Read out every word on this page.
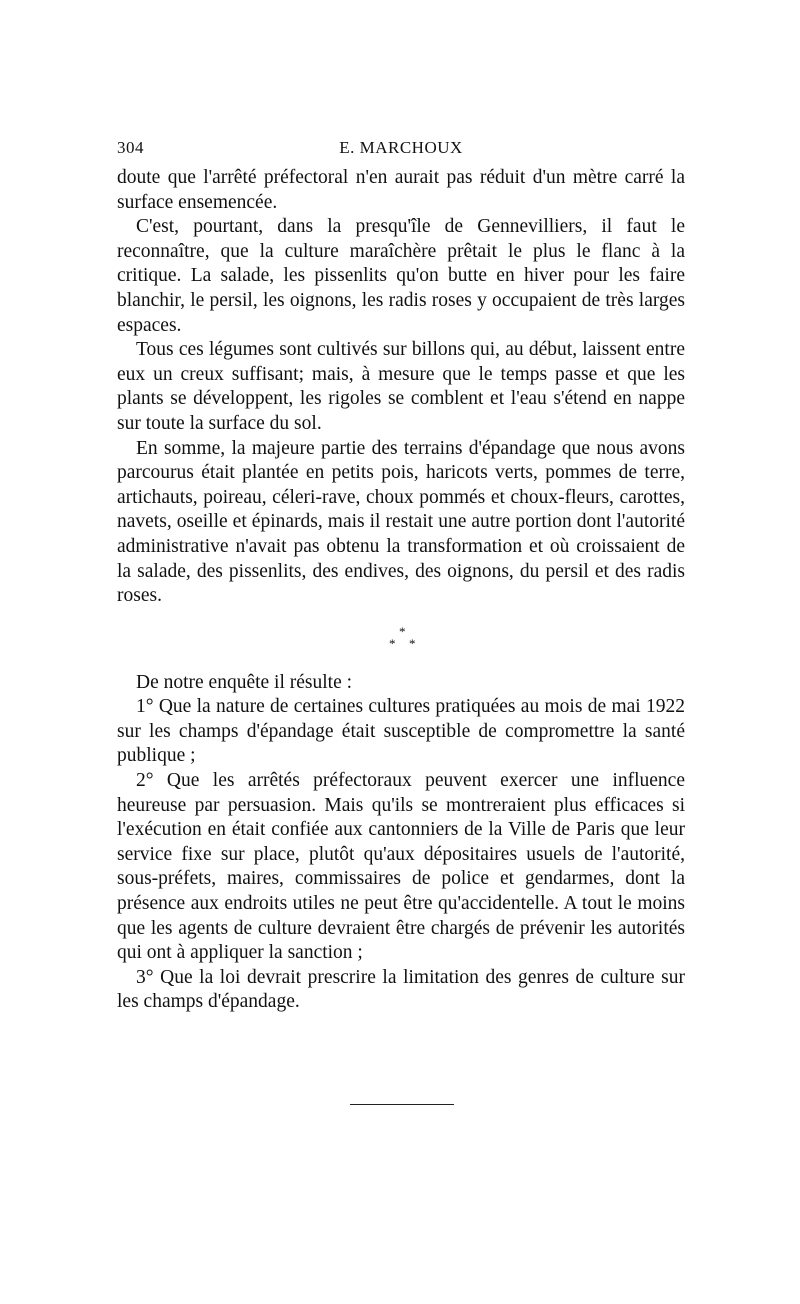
304	E. MARCHOUX

doute que l'arrêté préfectoral n'en aurait pas réduit d'un mètre carré la surface ensemencée.

C'est, pourtant, dans la presqu'île de Gennevilliers, il faut le reconnaître, que la culture maraîchère prêtait le plus le flanc à la critique. La salade, les pissenlits qu'on butte en hiver pour les faire blanchir, le persil, les oignons, les radis roses y occupaient de très larges espaces.

Tous ces légumes sont cultivés sur billons qui, au début, laissent entre eux un creux suffisant; mais, à mesure que le temps passe et que les plants se développent, les rigoles se comblent et l'eau s'étend en nappe sur toute la surface du sol.

En somme, la majeure partie des terrains d'épandage que nous avons parcourus était plantée en petits pois, haricots verts, pommes de terre, artichauts, poireau, céleri-rave, choux pommés et choux-fleurs, carottes, navets, oseille et épinards, mais il restait une autre portion dont l'autorité administrative n'avait pas obtenu la transformation et où croissaient de la salade, des pissenlits, des endives, des oignons, du persil et des radis roses.

*
* *

De notre enquête il résulte :

1° Que la nature de certaines cultures pratiquées au mois de mai 1922 sur les champs d'épandage était susceptible de compromettre la santé publique ;

2° Que les arrêtés préfectoraux peuvent exercer une influence heureuse par persuasion. Mais qu'ils se montreraient plus efficaces si l'exécution en était confiée aux cantonniers de la Ville de Paris que leur service fixe sur place, plutôt qu'aux dépositaires usuels de l'autorité, sous-préfets, maires, commissaires de police et gendarmes, dont la présence aux endroits utiles ne peut être qu'accidentelle. A tout le moins que les agents de culture devraient être chargés de prévenir les autorités qui ont à appliquer la sanction ;

3° Que la loi devrait prescrire la limitation des genres de culture sur les champs d'épandage.
